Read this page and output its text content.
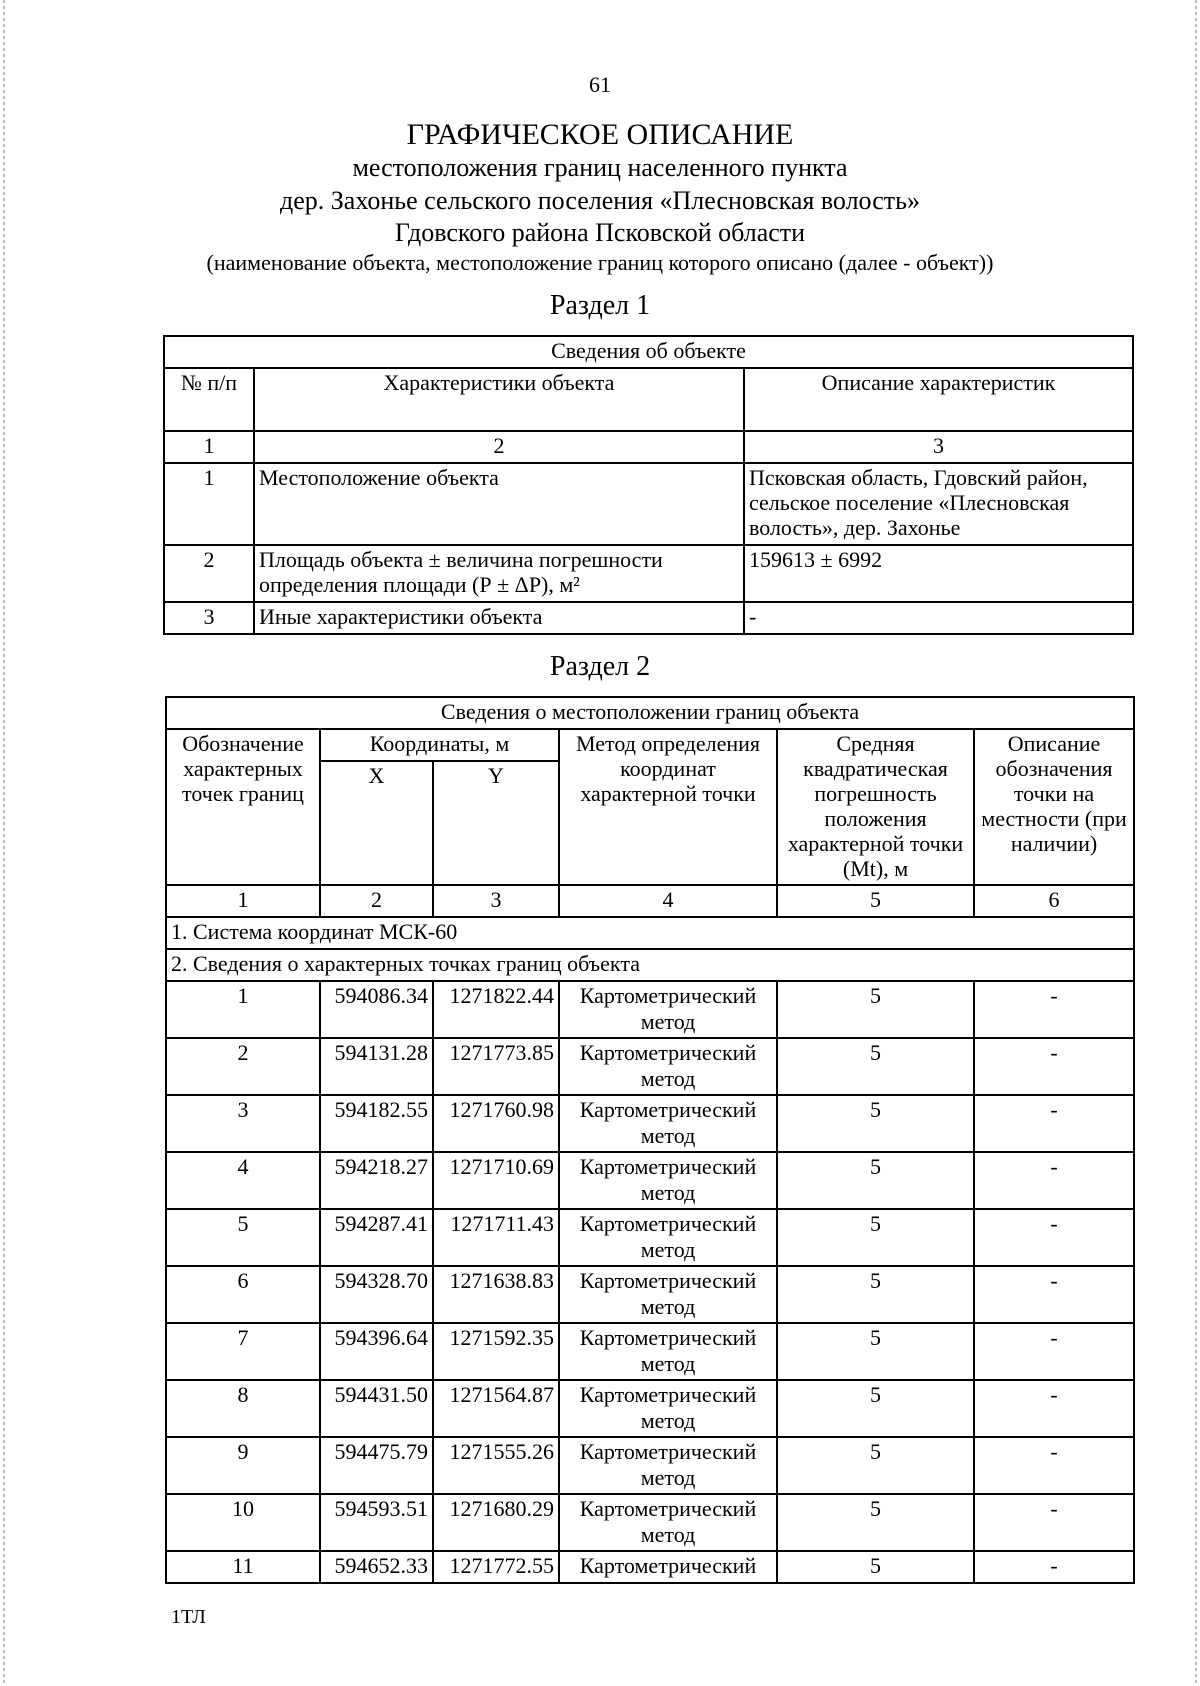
61
ГРАФИЧЕСКОЕ ОПИСАНИЕ
местоположения границ населенного пункта
дер. Захонье сельского поселения «Плесновская волость»
Гдовского района Псковской области
(наименование объекта, местоположение границ которого описано (далее - объект))
Раздел 1
Сведения об объекте		
№ п/п	Характеристики объекта	Описание характеристик
1	2	3
1	Местоположение объекта	Псковская область, Гдовский район, сельское поселение «Плесновская волость», дер. Захонье
2	Площадь объекта ± величина погрешности определения площади (Р ± ΔР), м²	159613 ± 6992
3	Иные характеристики объекта	-
Раздел 2
Сведения о местоположении границ объекта					
Обозначение характерных точек границ	Координаты, м		Метод определения координат характерной точки	Средняя квадратическая погрешность положения характерной точки (Mt), м	Описание обозначения точки на местности (при наличии)
	X	Y			
1	2	3	4	5	6
1. Система координат МСК-60					
2. Сведения о характерных точках границ объекта					
1	594086.34	1271822.44	Картометрический метод	5	-
2	594131.28	1271773.85	Картометрический метод	5	-
3	594182.55	1271760.98	Картометрический метод	5	-
4	594218.27	1271710.69	Картометрический метод	5	-
5	594287.41	1271711.43	Картометрический метод	5	-
6	594328.70	1271638.83	Картометрический метод	5	-
7	594396.64	1271592.35	Картометрический метод	5	-
8	594431.50	1271564.87	Картометрический метод	5	-
9	594475.79	1271555.26	Картометрический метод	5	-
10	594593.51	1271680.29	Картометрический метод	5	-
11	594652.33	1271772.55	Картометрический	5	-
1ТЛ
